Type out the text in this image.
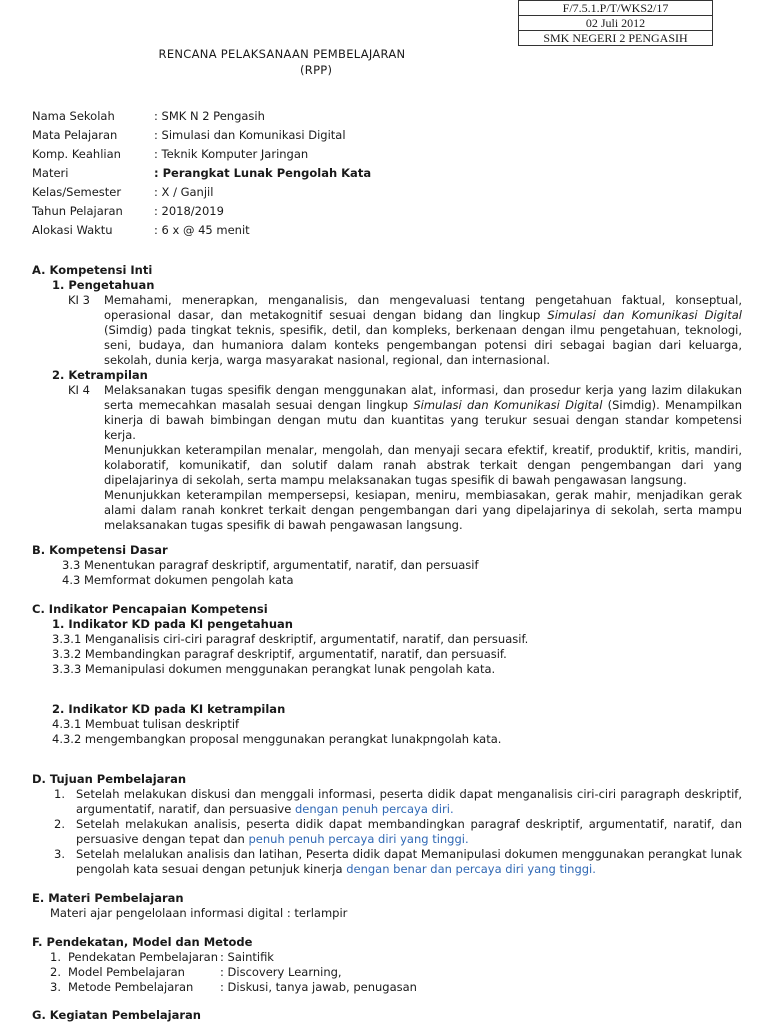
F/7.5.1.P/T/WKS2/17
02 Juli 2012
SMK NEGERI 2 PENGASIH
RENCANA PELAKSANAAN PEMBELAJARAN
(RPP)
Nama Sekolah	: SMK N 2 Pengasih
Mata Pelajaran	: Simulasi dan Komunikasi Digital
Komp. Keahlian	: Teknik Komputer Jaringan
Materi	: Perangkat Lunak Pengolah Kata
Kelas/Semester	: X / Ganjil
Tahun Pelajaran	: 2018/2019
Alokasi Waktu	: 6 x @ 45 menit
A. Kompetensi Inti
1. Pengetahuan
KI 3 Memahami, menerapkan, menganalisis, dan mengevaluasi tentang pengetahuan faktual, konseptual, operasional dasar, dan metakognitif sesuai dengan bidang dan lingkup Simulasi dan Komunikasi Digital (Simdig) pada tingkat teknis, spesifik, detil, dan kompleks, berkenaan dengan ilmu pengetahuan, teknologi, seni, budaya, dan humaniora dalam konteks pengembangan potensi diri sebagai bagian dari keluarga, sekolah, dunia kerja, warga masyarakat nasional, regional, dan internasional.
2. Ketrampilan
KI 4 Melaksanakan tugas spesifik dengan menggunakan alat, informasi, dan prosedur kerja yang lazim dilakukan serta memecahkan masalah sesuai dengan lingkup Simulasi dan Komunikasi Digital (Simdig). Menampilkan kinerja di bawah bimbingan dengan mutu dan kuantitas yang terukur sesuai dengan standar kompetensi kerja.
Menunjukkan keterampilan menalar, mengolah, dan menyaji secara efektif, kreatif, produktif, kritis, mandiri, kolaboratif, komunikatif, dan solutif dalam ranah abstrak terkait dengan pengembangan dari yang dipelajarinya di sekolah, serta mampu melaksanakan tugas spesifik di bawah pengawasan langsung.
Menunjukkan keterampilan mempersepsi, kesiapan, meniru, membiasakan, gerak mahir, menjadikan gerak alami dalam ranah konkret terkait dengan pengembangan dari yang dipelajarinya di sekolah, serta mampu melaksanakan tugas spesifik di bawah pengawasan langsung.
B. Kompetensi Dasar
3.3 Menentukan paragraf deskriptif, argumentatif, naratif, dan persuasif
4.3 Memformat dokumen pengolah kata
C. Indikator Pencapaian Kompetensi
1. Indikator KD pada KI pengetahuan
3.3.1 Menganalisis ciri-ciri paragraf deskriptif, argumentatif, naratif, dan persuasif.
3.3.2 Membandingkan paragraf deskriptif, argumentatif, naratif, dan persuasif.
3.3.3 Memanipulasi dokumen menggunakan perangkat lunak pengolah kata.
2. Indikator KD pada KI ketrampilan
4.3.1 Membuat tulisan deskriptif
4.3.2 mengembangkan proposal menggunakan perangkat lunakpngolah kata.
D. Tujuan Pembelajaran
1. Setelah melakukan diskusi dan menggali informasi, peserta didik dapat menganalisis ciri-ciri paragraph deskriptif, argumentatif, naratif, dan persuasive dengan penuh percaya diri.
2. Setelah melakukan analisis, peserta didik dapat membandingkan paragraf deskriptif, argumentatif, naratif, dan persuasive dengan tepat dan penuh penuh percaya diri yang tinggi.
3. Setelah melalukan analisis dan latihan, Peserta didik dapat Memanipulasi dokumen menggunakan perangkat lunak pengolah kata sesuai dengan petunjuk kinerja dengan benar dan percaya diri yang tinggi.
E. Materi Pembelajaran
Materi ajar pengelolaan informasi digital : terlampir
F. Pendekatan, Model dan Metode
1. Pendekatan Pembelajaran : Saintifik
2. Model Pembelajaran	: Discovery Learning,
3. Metode Pembelajaran : Diskusi, tanya jawab, penugasan
G. Kegiatan Pembelajaran
